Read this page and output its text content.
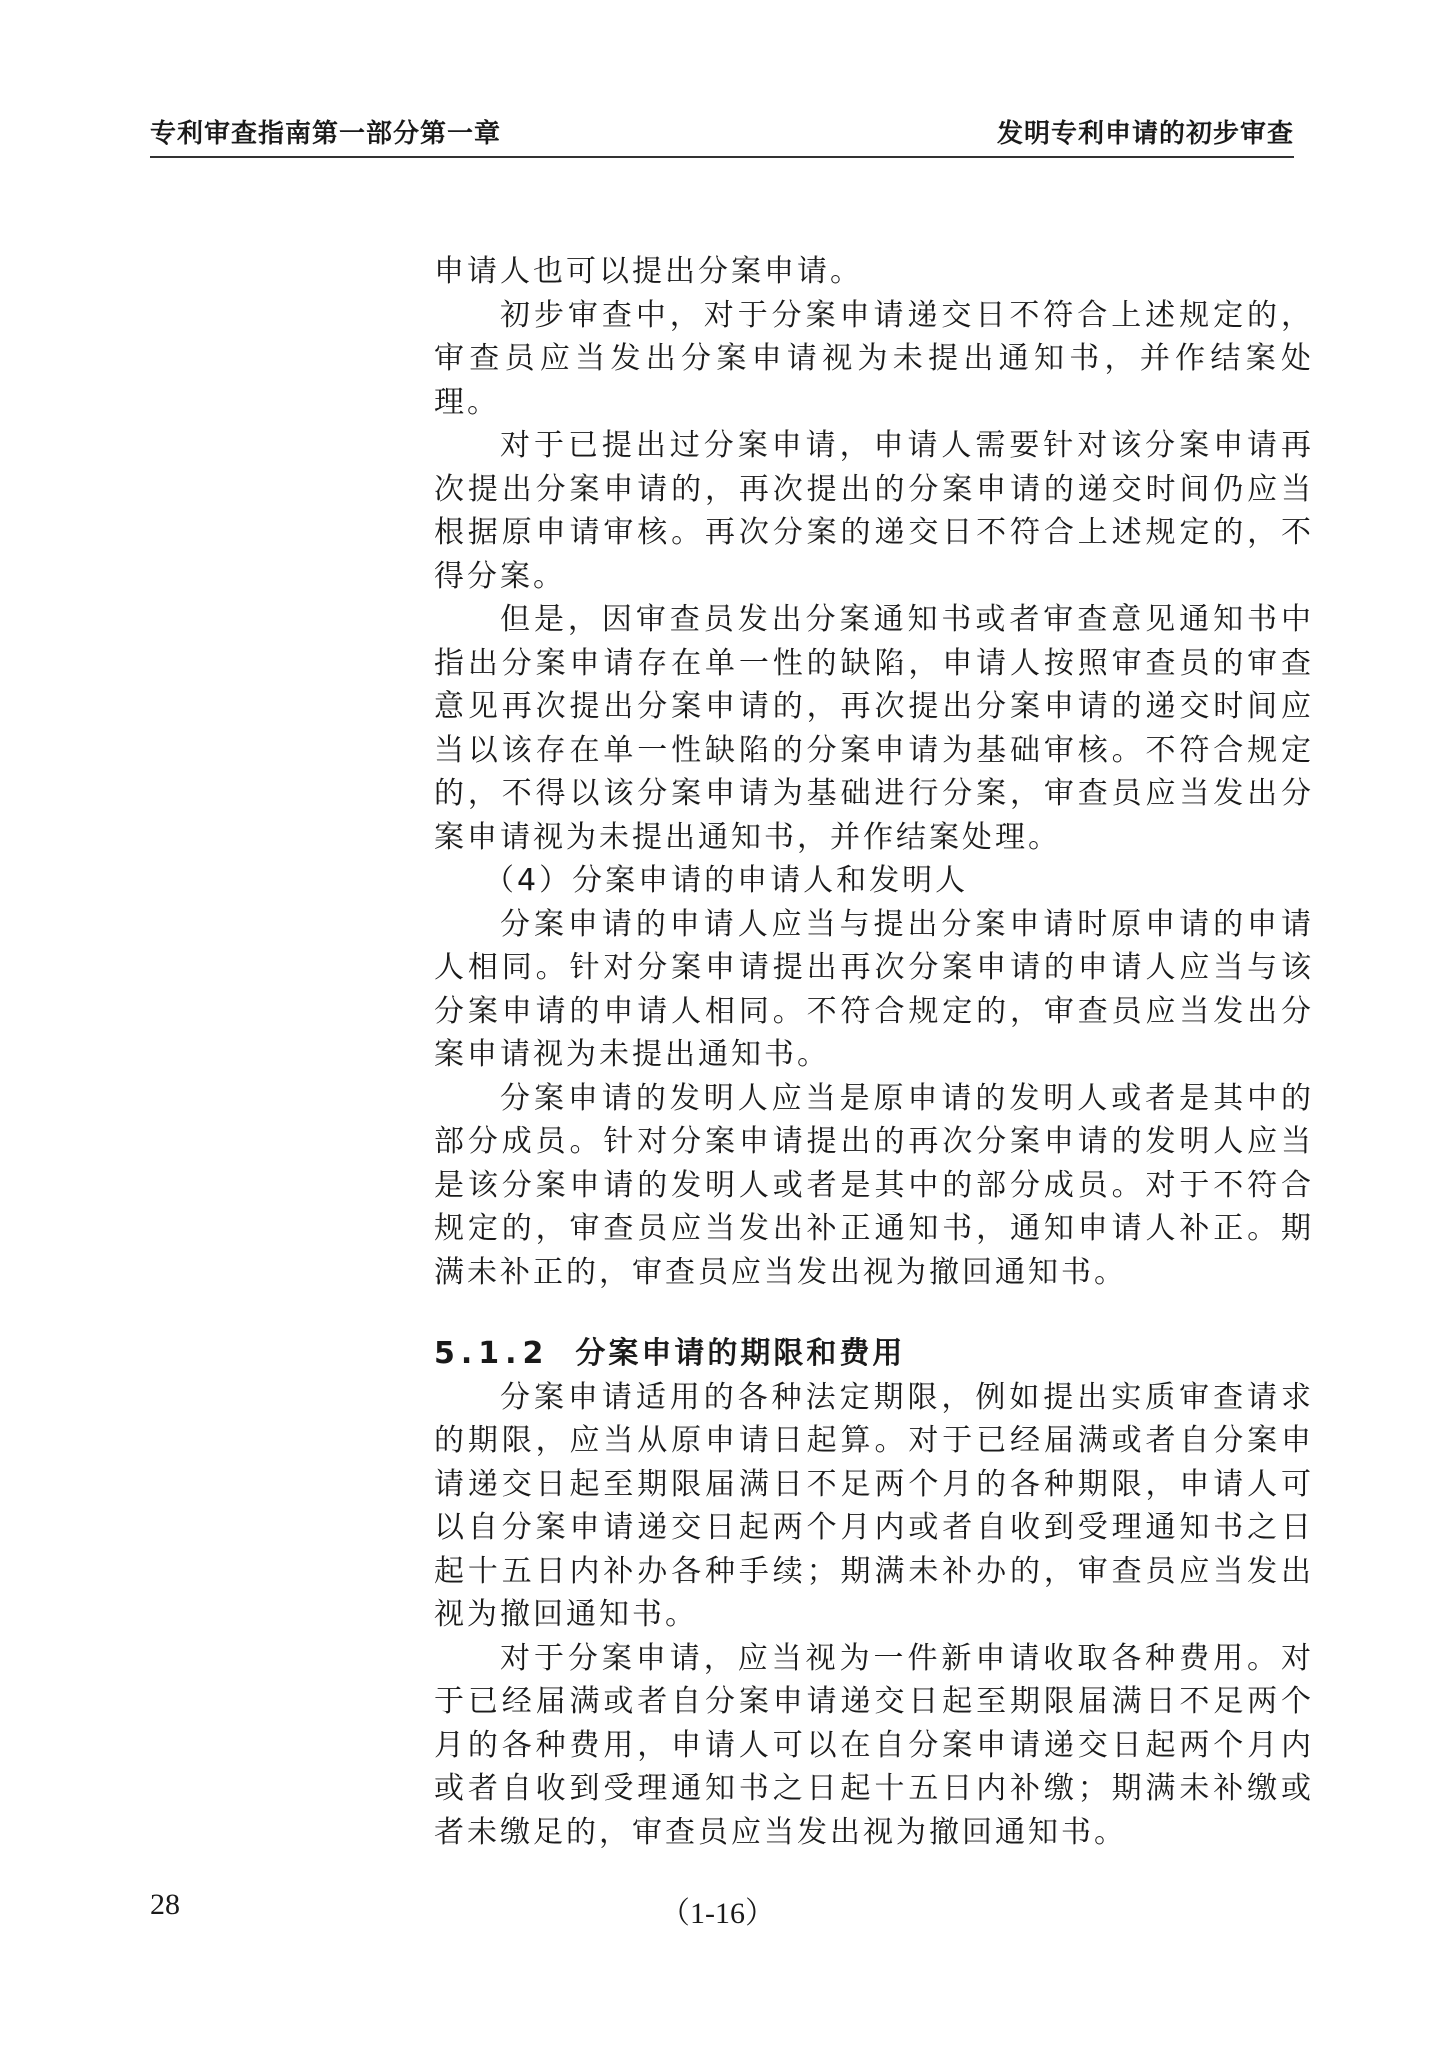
专利审查指南第一部分第一章	发明专利申请的初步审查

申请人也可以提出分案申请。

初步审查中，对于分案申请递交日不符合上述规定的，审查员应当发出分案申请视为未提出通知书，并作结案处理。

对于已提出过分案申请，申请人需要针对该分案申请再次提出分案申请的，再次提出的分案申请的递交时间仍应当根据原申请审核。再次分案的递交日不符合上述规定的，不得分案。

但是，因审查员发出分案通知书或者审查意见通知书中指出分案申请存在单一性的缺陷，申请人按照审查员的审查意见再次提出分案申请的，再次提出分案申请的递交时间应当以该存在单一性缺陷的分案申请为基础审核。不符合规定的，不得以该分案申请为基础进行分案，审查员应当发出分案申请视为未提出通知书，并作结案处理。

（4）分案申请的申请人和发明人

分案申请的申请人应当与提出分案申请时原申请的申请人相同。针对分案申请提出再次分案申请的申请人应当与该分案申请的申请人相同。不符合规定的，审查员应当发出分案申请视为未提出通知书。

分案申请的发明人应当是原申请的发明人或者是其中的部分成员。针对分案申请提出的再次分案申请的发明人应当是该分案申请的发明人或者是其中的部分成员。对于不符合规定的，审查员应当发出补正通知书，通知申请人补正。期满未补正的，审查员应当发出视为撤回通知书。

5.1.2 分案申请的期限和费用

分案申请适用的各种法定期限，例如提出实质审查请求的期限，应当从原申请日起算。对于已经届满或者自分案申请递交日起至期限届满日不足两个月的各种期限，申请人可以自分案申请递交日起两个月内或者自收到受理通知书之日起十五日内补办各种手续；期满未补办的，审查员应当发出视为撤回通知书。

对于分案申请，应当视为一件新申请收取各种费用。对于已经届满或者自分案申请递交日起至期限届满日不足两个月的各种费用，申请人可以在自分案申请递交日起两个月内或者自收到受理通知书之日起十五日内补缴；期满未补缴或者未缴足的，审查员应当发出视为撤回通知书。

28	（1-16）
